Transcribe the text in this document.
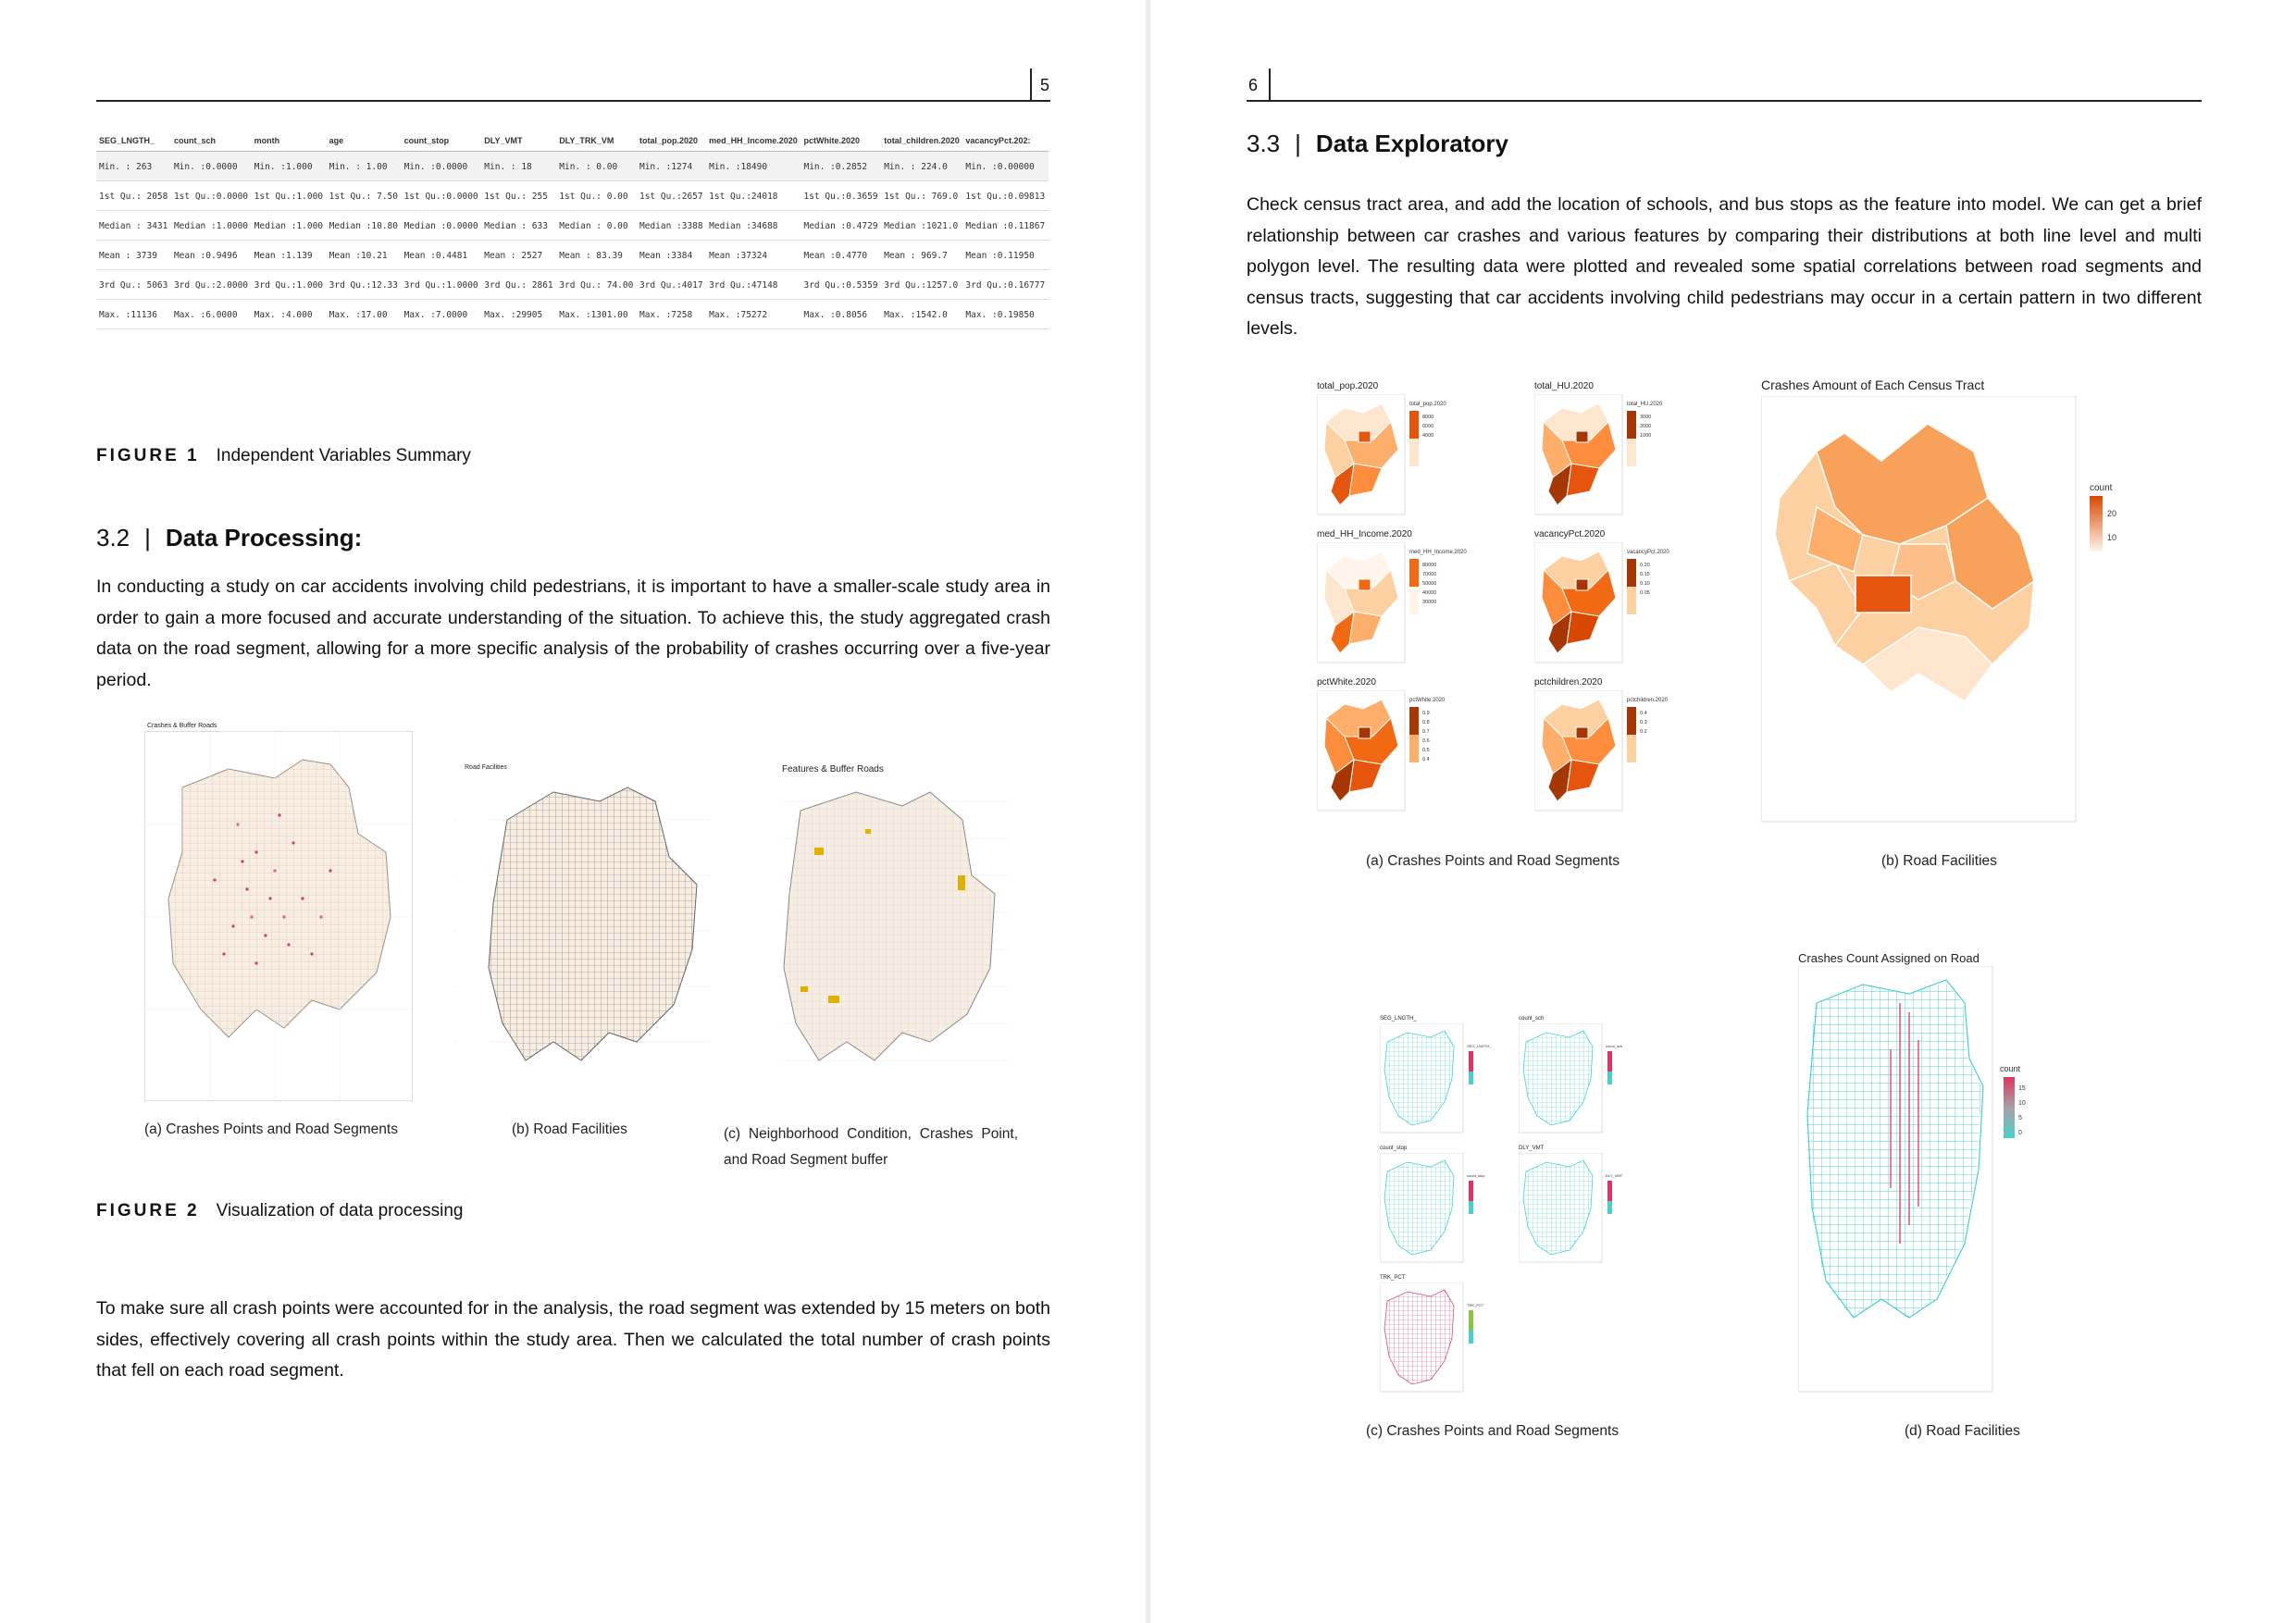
5
SEG_LNGTH_	count_sch	month	age	count_stop	DLY_VMT	DLY_TRK_VM	total_pop.2020	med_HH_Income.2020	pctWhite.2020	total_children.2020	vacancyPct.202:
Min. : 263	Min. :0.0000	Min. :1.000	Min. : 1.00	Min. :0.0000	Min. : 18	Min. : 0.00	Min. :1274	Min. :18490	Min. :0.2852	Min. : 224.0	Min. :0.00000
1st Qu.: 2058	1st Qu.:0.0000	1st Qu.:1.000	1st Qu.: 7.50	1st Qu.:0.0000	1st Qu.: 255	1st Qu.: 0.00	1st Qu.:2657	1st Qu.:24018	1st Qu.:0.3659	1st Qu.: 769.0	1st Qu.:0.09813
Median : 3431	Median :1.0000	Median :1.000	Median :10.80	Median :0.0000	Median : 633	Median : 0.00	Median :3388	Median :34688	Median :0.4729	Median :1021.0	Median :0.11867
Mean : 3739	Mean :0.9496	Mean :1.139	Mean :10.21	Mean :0.4481	Mean : 2527	Mean : 83.39	Mean :3384	Mean :37324	Mean :0.4770	Mean : 969.7	Mean :0.11950
3rd Qu.: 5063	3rd Qu.:2.0000	3rd Qu.:1.000	3rd Qu.:12.33	3rd Qu.:1.0000	3rd Qu.: 2861	3rd Qu.: 74.00	3rd Qu.:4017	3rd Qu.:47148	3rd Qu.:0.5359	3rd Qu.:1257.0	3rd Qu.:0.16777
Max. :11136	Max. :6.0000	Max. :4.000	Max. :17.00	Max. :7.0000	Max. :29905	Max. :1301.00	Max. :7258	Max. :75272	Max. :0.8056	Max. :1542.0	Max. :0.19850
FIGURE 1 Independent Variables Summary
3.2 | Data Processing:
In conducting a study on car accidents involving child pedestrians, it is important to have a smaller-scale study area in order to gain a more focused and accurate understanding of the situation. To achieve this, the study aggregated crash data on the road segment, allowing for a more specific analysis of the probability of crashes occurring over a five-year period.
Crashes & Buffer Roads
Road Facilities
·
·
·
·
·
Features & Buffer Roads
(a) Crashes Points and Road Segments	(b) Road Facilities	(c) Neighborhood Condition, Crashes Point, and Road Segment buffer
FIGURE 2 Visualization of data processing
To make sure all crash points were accounted for in the analysis, the road segment was extended by 15 meters on both sides, effectively covering all crash points within the study area. Then we calculated the total number of crash points that fell on each road segment.
6
3.3 | Data Exploratory
Check census tract area, and add the location of schools, and bus stops as the feature into model. We can get a brief relationship between car crashes and various features by comparing their distributions at both line level and multi polygon level. The resulting data were plotted and revealed some spatial correlations between road segments and census tracts, suggesting that car accidents involving child pedestrians may occur in a certain pattern in two different levels.
total_pop.2020
total_pop.2020
8000
6000
4000
total_HU.2020
total_HU.2020
3000
2000
1000
med_HH_Income.2020
med_HH_Income.2020
80000
70000
50000
40000
30000
vacancyPct.2020
vacancyPct.2020
0.20
0.15
0.10
0.05
pctWhite.2020
pctWhite.2020
0.9
0.8
0.7
0.6
0.5
0.4
pctchildren.2020
pctchildren.2020
0.4
0.3
0.2
Crashes Amount of Each Census Tract
count
20
10
(a) Crashes Points and Road Segments	(b) Road Facilities
SEG_LNGTH_
SEG_LNGTH_
count_sch
count_sch
count_stop
count_stop
DLY_VMT
DLY_VMT
TRK_PCT
TRK_PCT
Crashes Count Assigned on Road
count
15
10
5
0
(c) Crashes Points and Road Segments	(d) Road Facilities
